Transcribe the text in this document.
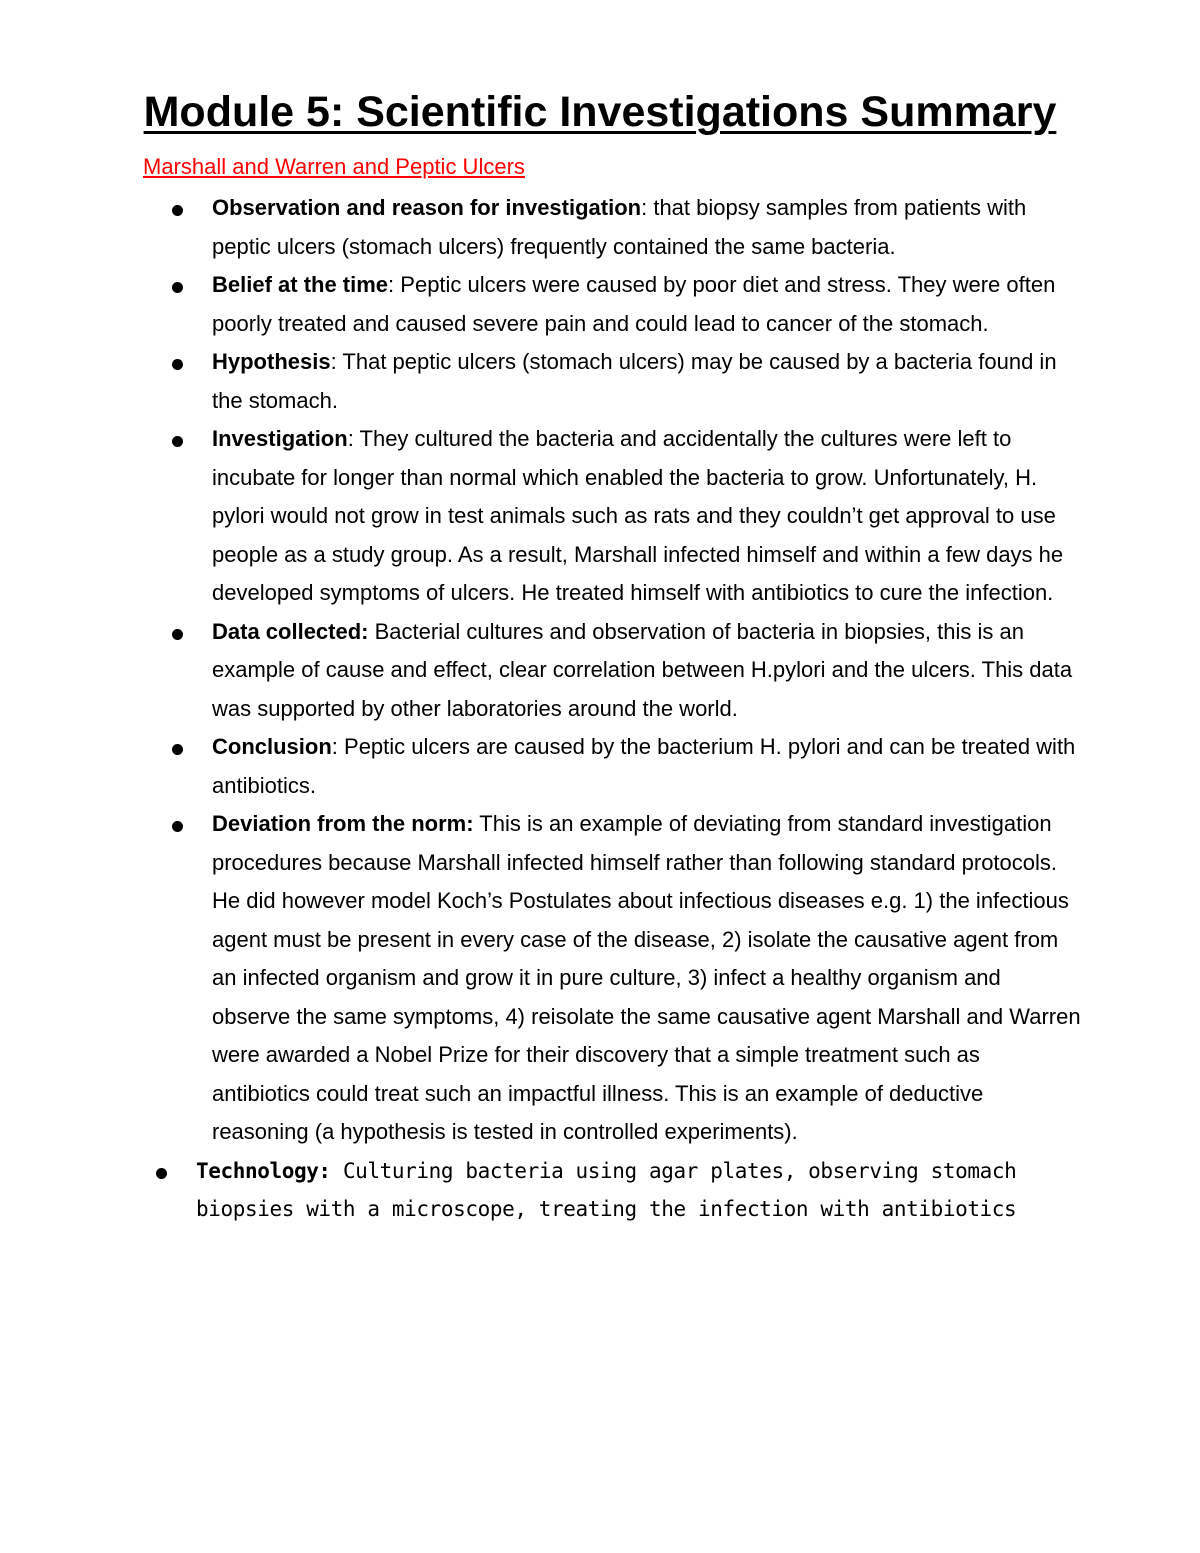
Module 5: Scientific Investigations Summary
Marshall and Warren and Peptic Ulcers
Observation and reason for investigation: that biopsy samples from patients with peptic ulcers (stomach ulcers) frequently contained the same bacteria.
Belief at the time: Peptic ulcers were caused by poor diet and stress. They were often poorly treated and caused severe pain and could lead to cancer of the stomach.
Hypothesis: That peptic ulcers (stomach ulcers) may be caused by a bacteria found in the stomach.
Investigation: They cultured the bacteria and accidentally the cultures were left to incubate for longer than normal which enabled the bacteria to grow. Unfortunately, H. pylori would not grow in test animals such as rats and they couldn’t get approval to use people as a study group. As a result, Marshall infected himself and within a few days he developed symptoms of ulcers. He treated himself with antibiotics to cure the infection.
Data collected: Bacterial cultures and observation of bacteria in biopsies, this is an example of cause and effect, clear correlation between H.pylori and the ulcers. This data was supported by other laboratories around the world.
Conclusion: Peptic ulcers are caused by the bacterium H. pylori and can be treated with antibiotics.
Deviation from the norm: This is an example of deviating from standard investigation procedures because Marshall infected himself rather than following standard protocols. He did however model Koch’s Postulates about infectious diseases e.g. 1) the infectious agent must be present in every case of the disease, 2) isolate the causative agent from an infected organism and grow it in pure culture, 3) infect a healthy organism and observe the same symptoms, 4) reisolate the same causative agent Marshall and Warren were awarded a Nobel Prize for their discovery that a simple treatment such as antibiotics could treat such an impactful illness. This is an example of deductive reasoning (a hypothesis is tested in controlled experiments).
Technology: Culturing bacteria using agar plates, observing stomach biopsies with a microscope, treating the infection with antibiotics
